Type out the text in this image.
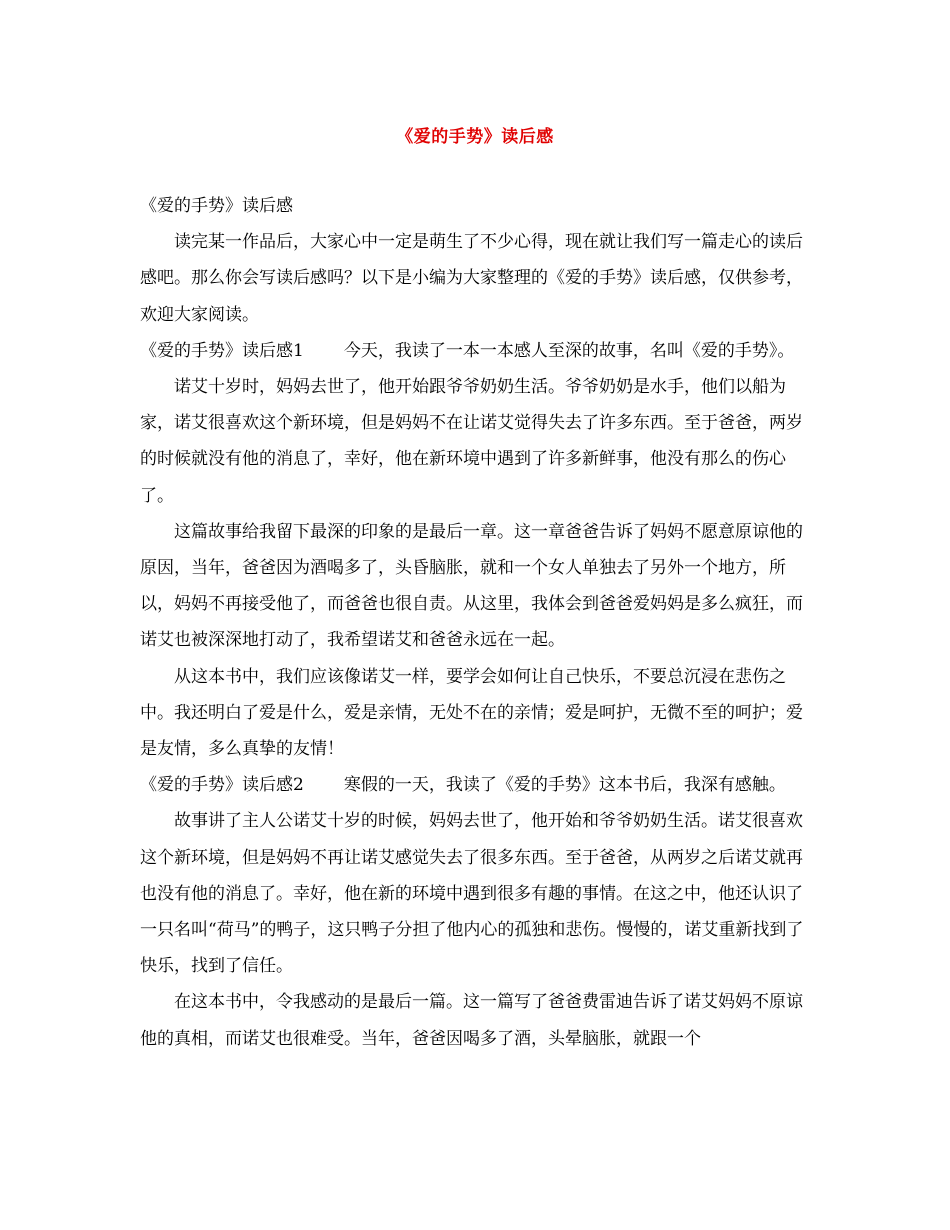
《爱的手势》读后感

《爱的手势》读后感

读完某一作品后，大家心中一定是萌生了不少心得，现在就让我们写一篇走心的读后感吧。那么你会写读后感吗？以下是小编为大家整理的《爱的手势》读后感，仅供参考，欢迎大家阅读。

《爱的手势》读后感1 今天，我读了一本一本感人至深的故事，名叫《爱的手势》。

诺艾十岁时，妈妈去世了，他开始跟爷爷奶奶生活。爷爷奶奶是水手，他们以船为家，诺艾很喜欢这个新环境，但是妈妈不在让诺艾觉得失去了许多东西。至于爸爸，两岁的时候就没有他的消息了，幸好，他在新环境中遇到了许多新鲜事，他没有那么的伤心了。

这篇故事给我留下最深的印象的是最后一章。这一章爸爸告诉了妈妈不愿意原谅他的原因，当年，爸爸因为酒喝多了，头昏脑胀，就和一个女人单独去了另外一个地方，所以，妈妈不再接受他了，而爸爸也很自责。从这里，我体会到爸爸爱妈妈是多么疯狂，而诺艾也被深深地打动了，我希望诺艾和爸爸永远在一起。

从这本书中，我们应该像诺艾一样，要学会如何让自己快乐，不要总沉浸在悲伤之中。我还明白了爱是什么，爱是亲情，无处不在的亲情；爱是呵护，无微不至的呵护；爱是友情，多么真挚的友情！

《爱的手势》读后感2 寒假的一天，我读了《爱的手势》这本书后，我深有感触。

故事讲了主人公诺艾十岁的时候，妈妈去世了，他开始和爷爷奶奶生活。诺艾很喜欢这个新环境，但是妈妈不再让诺艾感觉失去了很多东西。至于爸爸，从两岁之后诺艾就再也没有他的消息了。幸好，他在新的环境中遇到很多有趣的事情。在这之中，他还认识了一只名叫“荷马”的鸭子，这只鸭子分担了他内心的孤独和悲伤。慢慢的，诺艾重新找到了快乐，找到了信任。

在这本书中，令我感动的是最后一篇。这一篇写了爸爸费雷迪告诉了诺艾妈妈不原谅他的真相，而诺艾也很难受。当年，爸爸因喝多了酒，头晕脑胀，就跟一个
